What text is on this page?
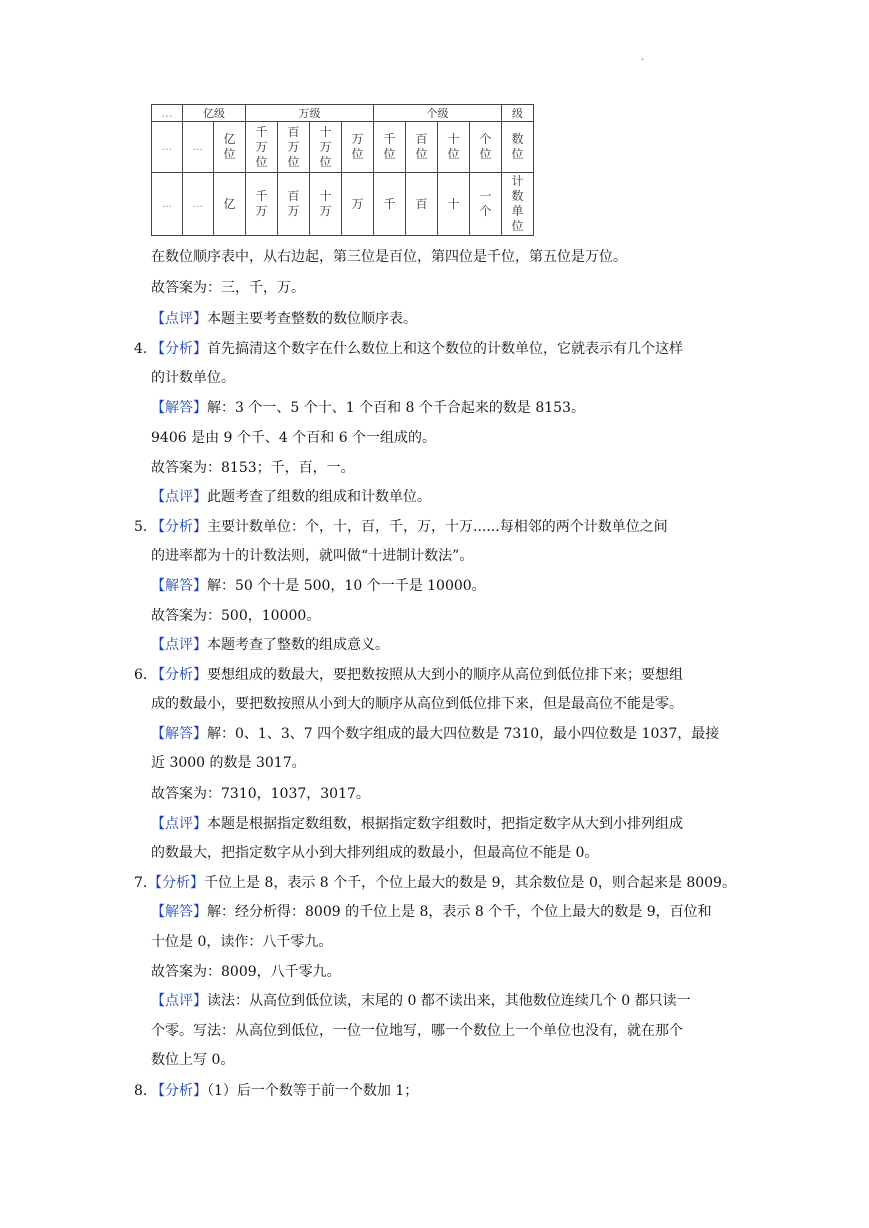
.
…	亿级		万级				个级				级
…	…	亿位	千万位	百万位	十万位	万位	千位	百位	十位	个位	数位
…	…	亿	千万	百万	十万	万	千	百	十	一个	计数单位
在数位顺序表中，从右边起，第三位是百位，第四位是千位，第五位是万位。
故答案为：三，千，万。
【点评】本题主要考查整数的数位顺序表。
4. 【分析】首先搞清这个数字在什么数位上和这个数位的计数单位，它就表示有几个这样
的计数单位。
【解答】解：3 个一、5 个十、1 个百和 8 个千合起来的数是 8153。
9406 是由 9 个千、4 个百和 6 个一组成的。
故答案为：8153；千，百，一。
【点评】此题考查了组数的组成和计数单位。
5. 【分析】主要计数单位：个，十，百，千，万，十万......每相邻的两个计数单位之间
的进率都为十的计数法则，就叫做“十进制计数法”。
【解答】解：50 个十是 500，10 个一千是 10000。
故答案为：500，10000。
【点评】本题考查了整数的组成意义。
6. 【分析】要想组成的数最大，要把数按照从大到小的顺序从高位到低位排下来；要想组
成的数最小，要把数按照从小到大的顺序从高位到低位排下来，但是最高位不能是零。
【解答】解：0、1、3、7 四个数字组成的最大四位数是 7310，最小四位数是 1037，最接
近 3000 的数是 3017。
故答案为：7310，1037，3017。
【点评】本题是根据指定数组数，根据指定数字组数时，把指定数字从大到小排列组成
的数最大，把指定数字从小到大排列组成的数最小，但最高位不能是 0。
7. 【分析】千位上是 8，表示 8 个千，个位上最大的数是 9，其余数位是 0，则合起来是 8009。
【解答】解：经分析得：8009 的千位上是 8，表示 8 个千，个位上最大的数是 9，百位和
十位是 0，读作：八千零九。
故答案为：8009，八千零九。
【点评】读法：从高位到低位读，末尾的 0 都不读出来，其他数位连续几个 0 都只读一
个零。写法：从高位到低位，一位一位地写，哪一个数位上一个单位也没有，就在那个
数位上写 0。
8. 【分析】（1）后一个数等于前一个数加 1；
